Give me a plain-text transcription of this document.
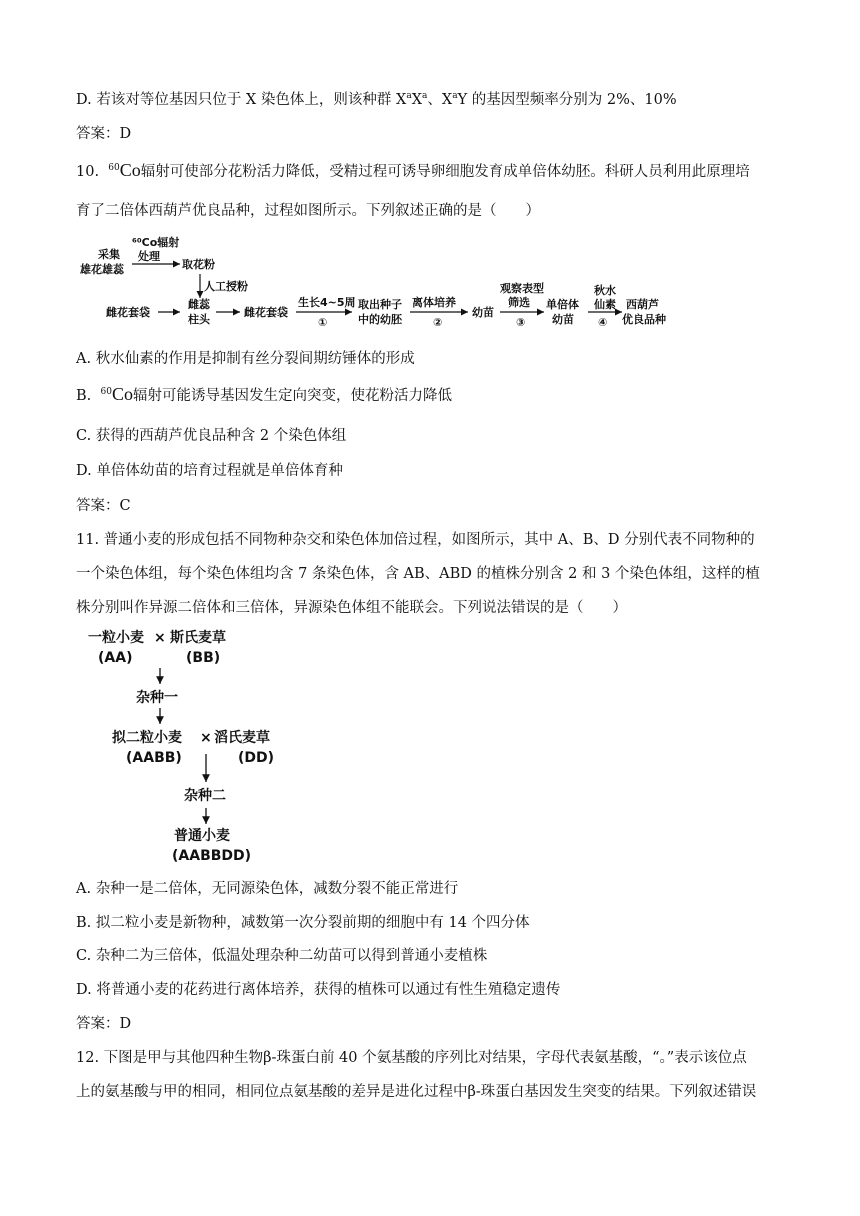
D. 若该对等位基因只位于 X 染色体上，则该种群 $X^aX^a$、$X^aY$ 的基因型频率分别为 2%、10%
答案：D
10. $^{60}$Co辐射可使部分花粉活力降低，受精过程可诱导卵细胞发育成单倍体幼胚。科研人员利用此原理培
育了二倍体西葫芦优良品种，过程如图所示。下列叙述正确的是（　　）
采集
雄花雄蕊
⁶⁰Co辐射
处理
取花粉
人工授粉
雌花套袋
雌蕊
柱头
雌花套袋
生长4~5周
①
取出种子
中的幼胚
离体培养
②
幼苗
观察表型
筛选
③
单倍体
幼苗
秋水
仙素
④
西葫芦
优良品种
A. 秋水仙素的作用是抑制有丝分裂间期纺锤体的形成
B. $^{60}$Co辐射可能诱导基因发生定向突变，使花粉活力降低
C. 获得的西葫芦优良品种含 2 个染色体组
D. 单倍体幼苗的培育过程就是单倍体育种
答案：C
11. 普通小麦的形成包括不同物种杂交和染色体加倍过程，如图所示，其中 A、B、D 分别代表不同物种的
一个染色体组，每个染色体组均含 7 条染色体，含 AB、ABD 的植株分别含 2 和 3 个染色体组，这样的植
株分别叫作异源二倍体和三倍体，异源染色体组不能联会。下列说法错误的是（　　）
一粒小麦 × 斯氏麦草
(AA)	(BB)
杂种一
拟二粒小麦 × 滔氏麦草
(AABB)	(DD)
杂种二
普通小麦
(AABBDD)
A. 杂种一是二倍体，无同源染色体，减数分裂不能正常进行
B. 拟二粒小麦是新物种，减数第一次分裂前期的细胞中有 14 个四分体
C. 杂种二为三倍体，低温处理杂种二幼苗可以得到普通小麦植株
D. 将普通小麦的花药进行离体培养，获得的植株可以通过有性生殖稳定遗传
答案：D
12. 下图是甲与其他四种生物β-珠蛋白前 40 个氨基酸的序列比对结果，字母代表氨基酸，“。”表示该位点
上的氨基酸与甲的相同，相同位点氨基酸的差异是进化过程中β-珠蛋白基因发生突变的结果。下列叙述错误
